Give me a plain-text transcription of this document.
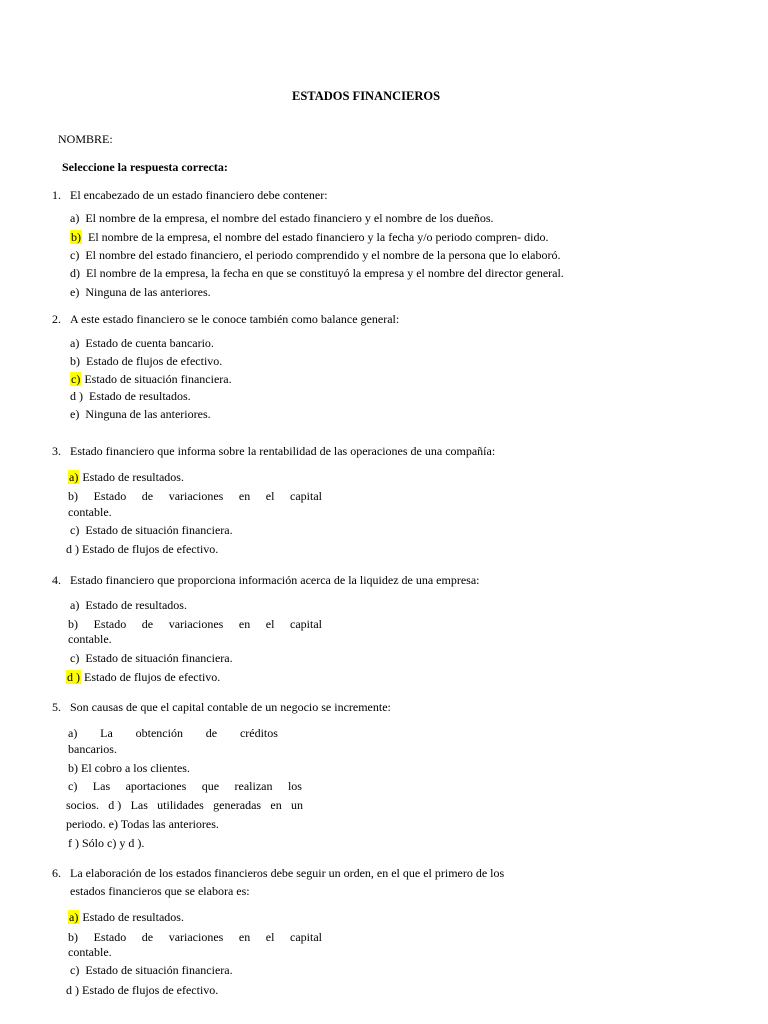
ESTADOS FINANCIEROS
NOMBRE:
Seleccione la respuesta correcta:
1. El encabezado de un estado financiero debe contener:
a) El nombre de la empresa, el nombre del estado financiero y el nombre de los dueños.
b) El nombre de la empresa, el nombre del estado financiero y la fecha y/o periodo compren- dido.
c) El nombre del estado financiero, el periodo comprendido y el nombre de la persona que lo elaboró.
d) El nombre de la empresa, la fecha en que se constituyó la empresa y el nombre del director general.
e) Ninguna de las anteriores.
2. A este estado financiero se le conoce también como balance general:
a) Estado de cuenta bancario.
b) Estado de flujos de efectivo.
c) Estado de situación financiera.
d ) Estado de resultados.
e) Ninguna de las anteriores.
3. Estado financiero que informa sobre la rentabilidad de las operaciones de una compañía:
a) Estado de resultados.
b) Estado de variaciones en el capital
contable.
c) Estado de situación financiera.
d ) Estado de flujos de efectivo.
4. Estado financiero que proporciona información acerca de la liquidez de una empresa:
a) Estado de resultados.
b) Estado de variaciones en el capital
contable.
c) Estado de situación financiera.
d ) Estado de flujos de efectivo.
5. Son causas de que el capital contable de un negocio se incremente:
a) La obtención de créditos
bancarios.
b) El cobro a los clientes.
c) Las aportaciones que realizan los
socios. d ) Las utilidades generadas en un
periodo. e) Todas las anteriores.
f ) Sólo c) y d ).
6. La elaboración de los estados financieros debe seguir un orden, en el que el primero de los
estados financieros que se elabora es:
a) Estado de resultados.
b) Estado de variaciones en el capital
contable.
c) Estado de situación financiera.
d ) Estado de flujos de efectivo.
